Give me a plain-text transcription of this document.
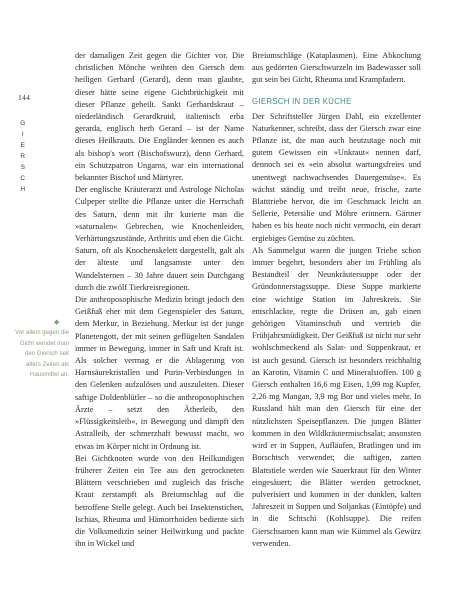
144
G
I
E
R
S
C
H
◆
Vor allem gegen die Gicht wendet man den Giersch seit alters Zeiten als Hausmittel an.

der damaligen Zeit gegen die Gichter vor. Die christlichen Mönche weihten den Giersch dem heiligen Gerhard (Gerard), denn man glaubte, dieser hätte seine eigene Gichtbrüchigkeit mit dieser Pflanze geheilt. Sankt Gerhardskraut – niederländisch Gerardkruid, italienisch erba gerarda, englisch herb Gerard – ist der Name dieses Heilkrauts. Die Engländer kennen es auch als bishop's wort (Bischofswurz), denn Gerhard, ein Schutzpatron Ungarns, war ein international bekannter Bischof und Märtyrer.

Der englische Kräuterarzt und Astrologe Nicholas Culpeper stellte die Pflanze unter die Herrschaft des Saturn, denn mit ihr kurierte man die »saturnalen« Gebrechen, wie Knochenleiden, Verhärtungszustände, Arthritis und eben die Gicht. Saturn, oft als Knochenskelett dargestellt, galt als der älteste und langsamste unter den Wandelsternen – 30 Jahre dauert sein Durchgang durch die zwölf Tierkreisregionen.

Die anthroposophische Medizin bringt jedoch den Geißfuß eher mit dem Gegenspieler des Saturn, dem Merkur, in Beziehung. Merkur ist der junge Planetengott, der mit seinen geflügelten Sandalen immer in Bewegung, immer in Saft und Kraft ist. Als solcher vermag er die Ablagerung von Harnsäurekristallen und Purin-Verbindungen in den Gelenken aufzulösen und auszuleiten. Dieser saftige Doldenblütler – so die anthroposophischen Ärzte – setzt den Ätherleib, den »Flüssigkeitsleib«, in Bewegung und dämpft den Astralleib, der schmerzhaft bewusst macht, wo etwas im Körper nicht in Ordnung ist.

Bei Gichtknoten wurde von den Heilkundigen früherer Zeiten ein Tee aus den getrockneten Blättern verschrieben und zugleich das frische Kraut zerstampft als Breiumschlag auf die betroffene Stelle gelegt. Auch bei Insektenstichen, Ischias, Rheuma und Hämorrhoiden bediente sich die Volksmedizin seiner Heilwirkung und packte ihn in Wickel und

Breiumschläge (Kataplasmen). Eine Abkochung aus gedörrten Gierschwurzeln im Badewasser soll gut sein bei Gicht, Rheuma und Krampfadern.

GIERSCH IN DER KÜCHE

Der Schriftsteller Jürgen Dahl, ein exzellenter Naturkenner, schreibt, dass der Giersch zwar eine Pflanze ist, die man auch heutzutage noch mit gutem Gewissen ein »Unkraut« nennen darf, dennoch sei es »ein absolut wartungsfreies und unentwegt nachwachsendes Dauergemüse«. Es wächst ständig und treibt neue, frische, zarte Blatttriebe hervor, die im Geschmack leicht an Sellerie, Petersilie und Möhre erinnern. Gärtner haben es bis heute noch nicht vermocht, ein derart ergiebiges Gemüse zu züchten.

Als Sammelgut waren die jungen Triebe schon immer begehrt, besonders aber im Frühling als Bestandteil der Neunkräutersuppe oder der Gründonnerstagssuppe. Diese Suppe markierte eine wichtige Station im Jahreskreis. Sie entschlackte, regte die Drüsen an, gab einen gehörigen Vitaminschub und vertrieb die Frühjahrsmüdigkeit. Der Geißfuß ist nicht nur sehr wohlschmeckend als Salat- und Suppenkraut, er ist auch gesund. Giersch ist besonders reichhaltig an Karotin, Vitamin C und Mineralstoffen. 100 g Giersch enthalten 16,6 mg Eisen, 1,99 mg Kupfer, 2,26 mg Mangan, 3,9 mg Bor und vieles mehr. In Russland hält man den Giersch für eine der nützlichsten Speisepflanzen. Die jungen Blätter kommen in den Wildkräutermischsalat; ansonsten wird er in Suppen, Aufläufen, Bratlingen und im Borschtsch verwendet; die saftigen, zarten Blattstiele werden wie Sauerkraut für den Winter eingesäuert; die Blätter werden getrocknet, pulverisiert und kommen in der dunklen, kalten Jahreszeit in Suppen und Soljankas (Eintöpfe) und in die Schtschi (Kohlsuppe). Die reifen Gierschsamen kann man wie Kümmel als Gewürz verwenden.
